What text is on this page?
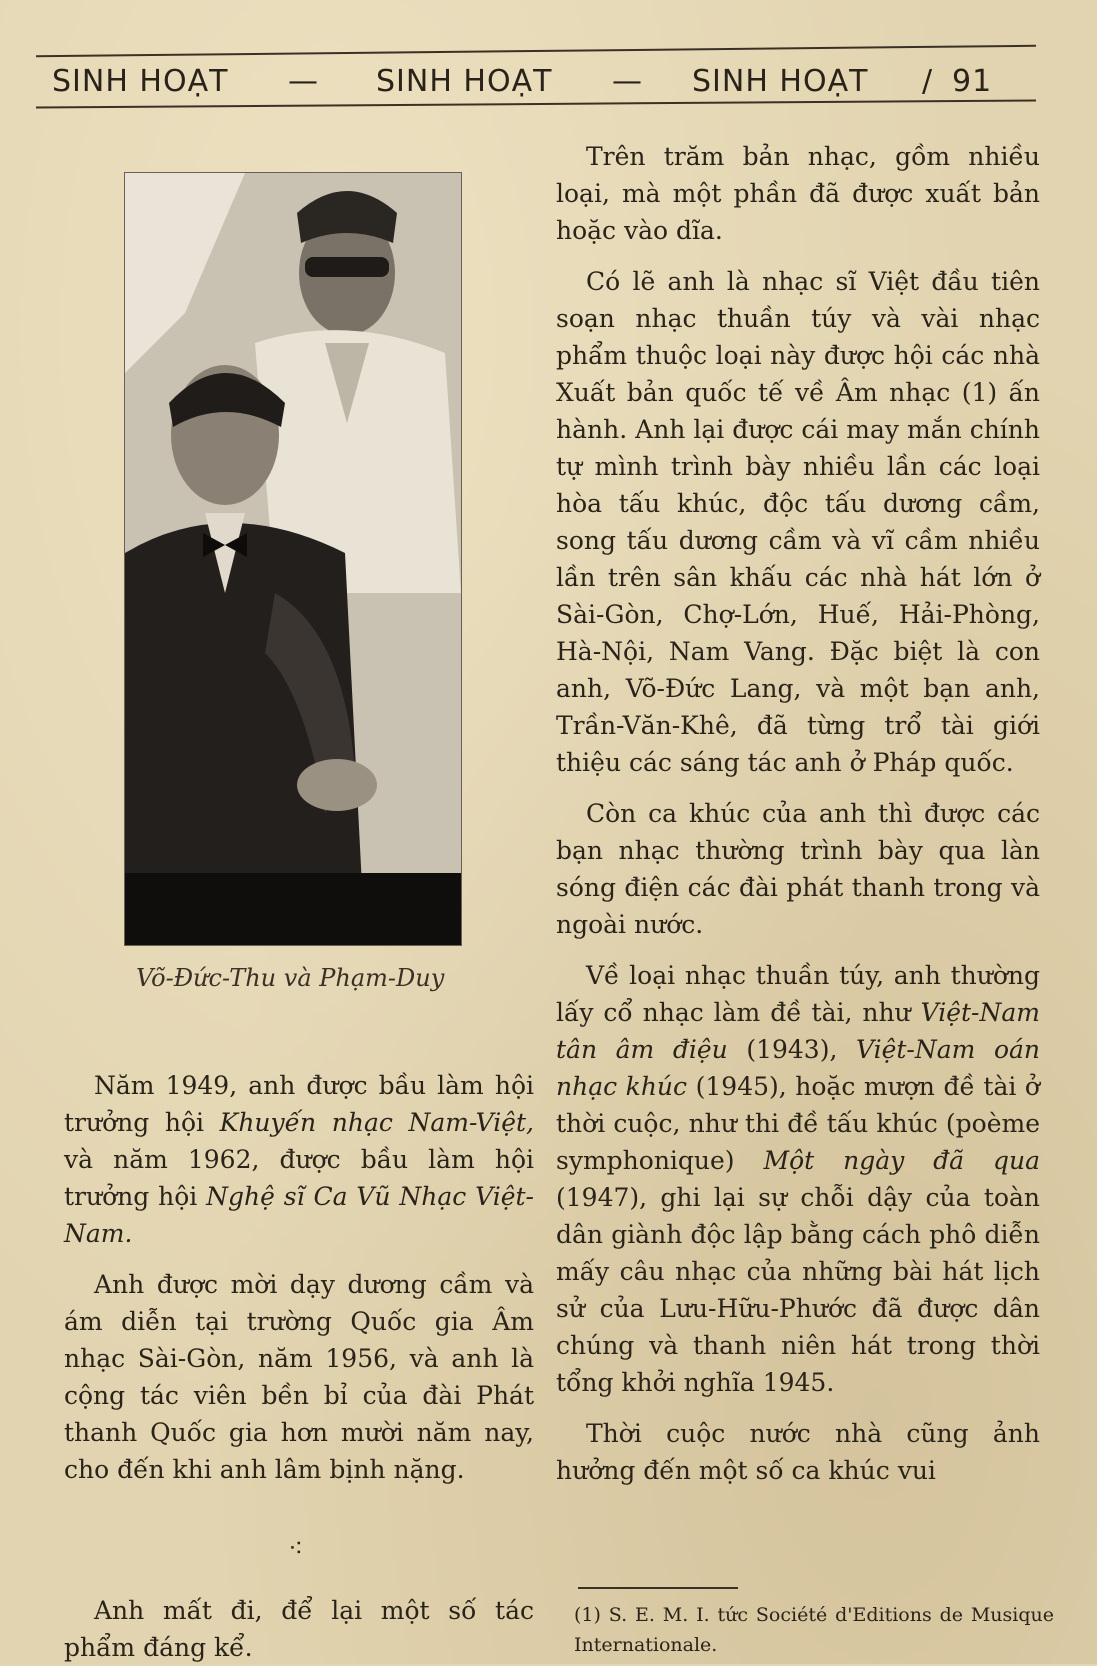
SINH HOẠT — SINH HOẠT — SINH HOẠT / 91
Võ-Đức-Thu và Phạm-Duy

Năm 1949, anh được bầu làm hội trưởng hội Khuyến nhạc Nam-Việt, và năm 1962, được bầu làm hội trưởng hội Nghệ sĩ Ca Vũ Nhạc Việt-Nam.

Anh được mời dạy dương cầm và ám diễn tại trường Quốc gia Âm nhạc Sài-Gòn, năm 1956, và anh là cộng tác viên bền bỉ của đài Phát thanh Quốc gia hơn mười năm nay, cho đến khi anh lâm bịnh nặng.

⁖
Anh mất đi, để lại một số tác phẩm đáng kể.

Trên trăm bản nhạc, gồm nhiều loại, mà một phần đã được xuất bản hoặc vào dĩa.

Có lẽ anh là nhạc sĩ Việt đầu tiên soạn nhạc thuần túy và vài nhạc phẩm thuộc loại này được hội các nhà Xuất bản quốc tế về Âm nhạc (1) ấn hành. Anh lại được cái may mắn chính tự mình trình bày nhiều lần các loại hòa tấu khúc, độc tấu dương cầm, song tấu dương cầm và vĩ cầm nhiều lần trên sân khấu các nhà hát lớn ở Sài-Gòn, Chợ-Lớn, Huế, Hải-Phòng, Hà-Nội, Nam Vang. Đặc biệt là con anh, Võ-Đức Lang, và một bạn anh, Trần-Văn-Khê, đã từng trổ tài giới thiệu các sáng tác anh ở Pháp quốc.

Còn ca khúc của anh thì được các bạn nhạc thường trình bày qua làn sóng điện các đài phát thanh trong và ngoài nước.

Về loại nhạc thuần túy, anh thường lấy cổ nhạc làm đề tài, như Việt-Nam tân âm điệu (1943), Việt-Nam oán nhạc khúc (1945), hoặc mượn đề tài ở thời cuộc, như thi đề tấu khúc (poème symphonique) Một ngày đã qua (1947), ghi lại sự chỗi dậy của toàn dân giành độc lập bằng cách phô diễn mấy câu nhạc của những bài hát lịch sử của Lưu-Hữu-Phước đã được dân chúng và thanh niên hát trong thời tổng khởi nghĩa 1945.

Thời cuộc nước nhà cũng ảnh hưởng đến một số ca khúc vui

(1) S. E. M. I. tức Société d'Editions de Musique Internationale.
